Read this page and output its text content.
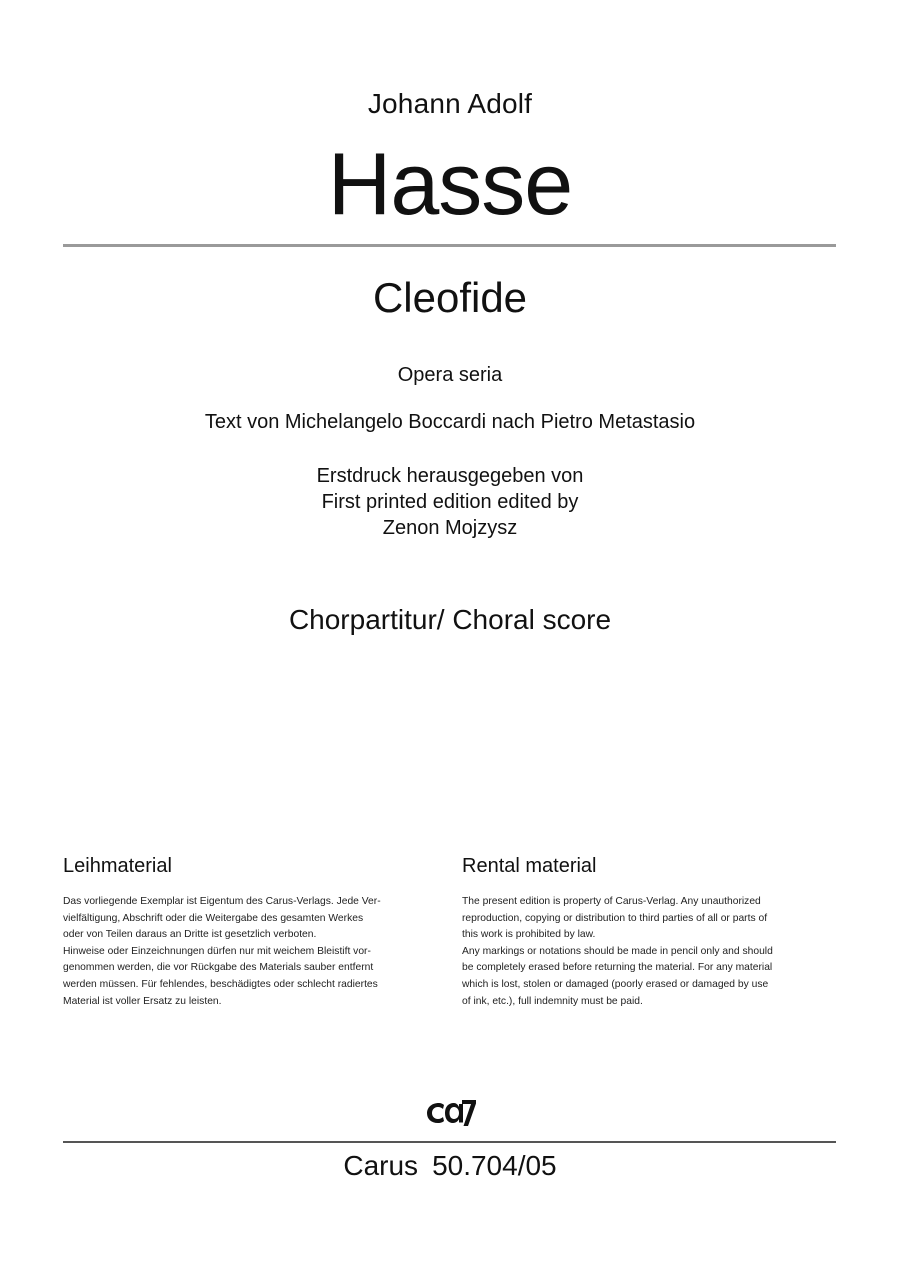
Johann Adolf
Hasse
Cleofide
Opera seria
Text von Michelangelo Boccardi nach Pietro Metastasio
Erstdruck herausgegeben von
First printed edition edited by
Zenon Mojzysz
Chorpartitur/ Choral score
Leihmaterial
Das vorliegende Exemplar ist Eigentum des Carus-Verlags. Jede Ver-
vielfältigung, Abschrift oder die Weitergabe des gesamten Werkes
oder von Teilen daraus an Dritte ist gesetzlich verboten.
Hinweise oder Einzeichnungen dürfen nur mit weichem Bleistift vor-
genommen werden, die vor Rückgabe des Materials sauber entfernt
werden müssen. Für fehlendes, beschädigtes oder schlecht radiertes
Material ist voller Ersatz zu leisten.
Rental material
The present edition is property of Carus-Verlag. Any unauthorized
reproduction, copying or distribution to third parties of all or parts of
this work is prohibited by law.
Any markings or notations should be made in pencil only and should
be completely erased before returning the material. For any material
which is lost, stolen or damaged (poorly erased or damaged by use
of ink, etc.), full indemnity must be paid.
Carus 50.704/05
